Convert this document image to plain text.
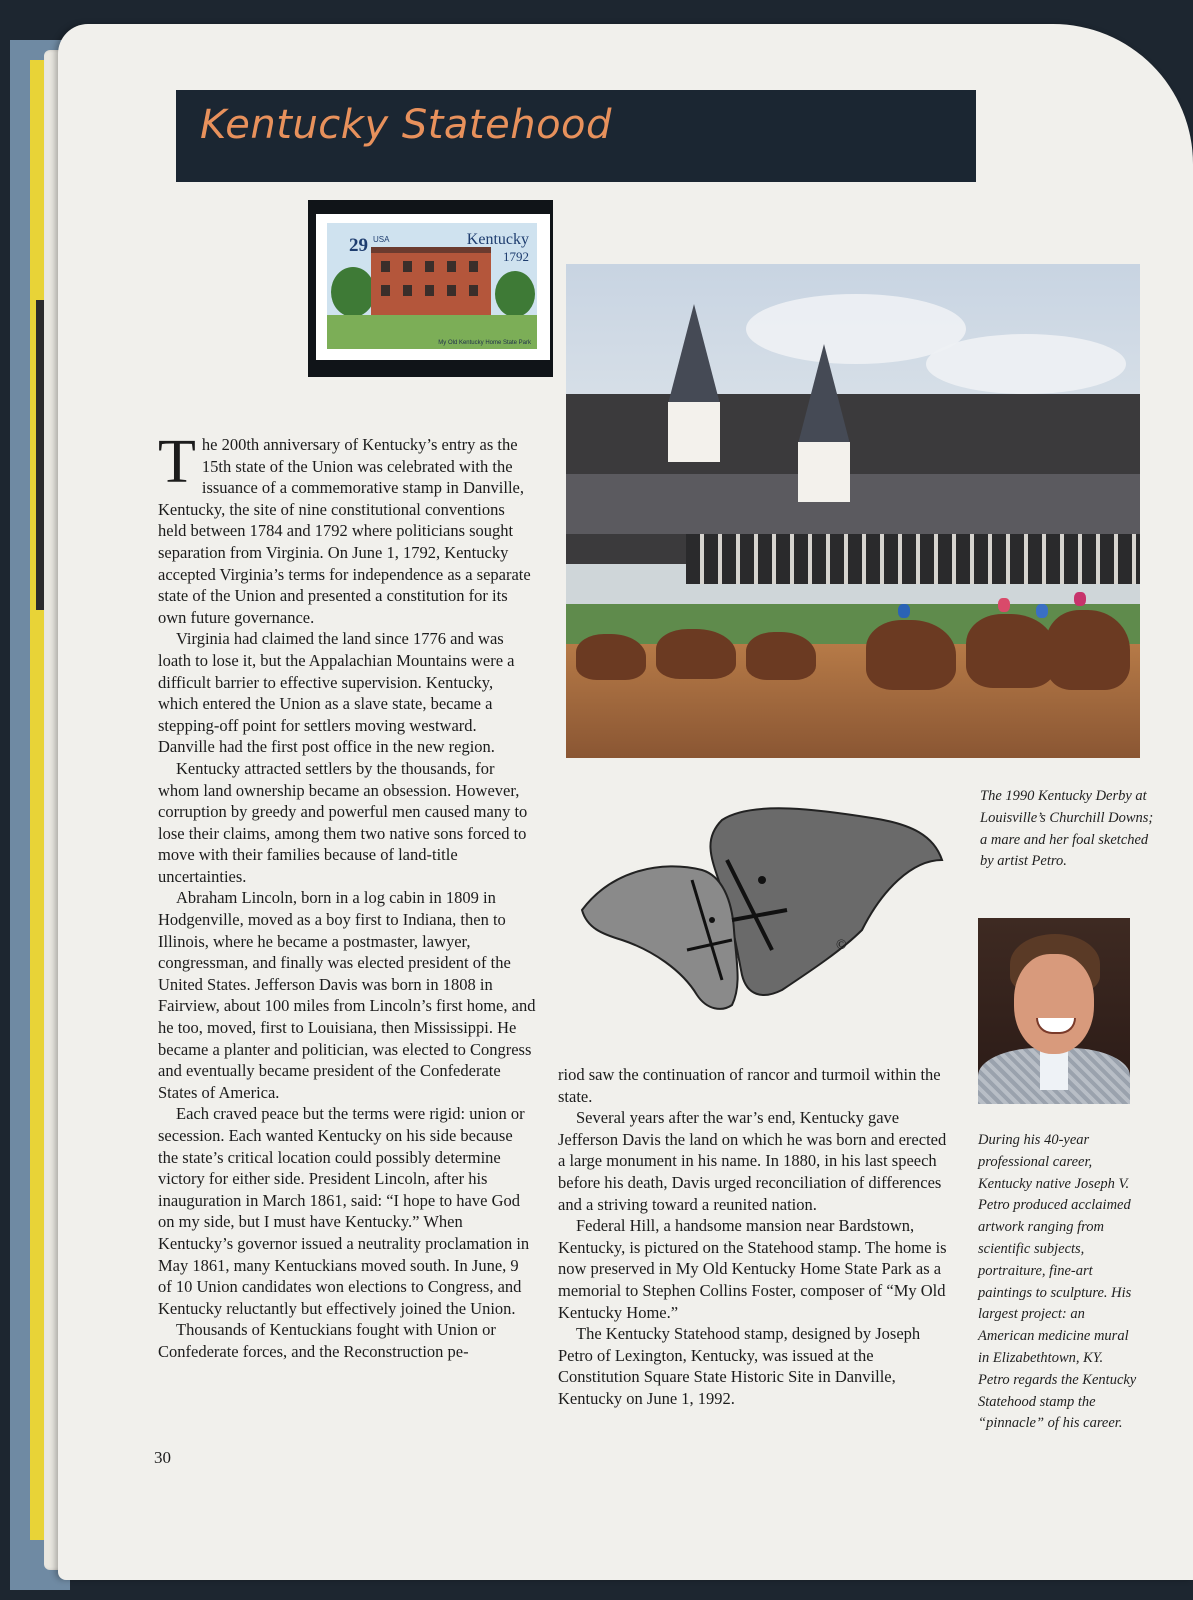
Kentucky Statehood
29 USA	Kentucky
1792
My Old Kentucky Home State Park

The 200th anniversary of Kentucky’s entry as the 15th state of the Union was celebrated with the issuance of a commemorative stamp in Danville, Kentucky, the site of nine constitutional conventions held between 1784 and 1792 where politicians sought separation from Virginia. On June 1, 1792, Kentucky accepted Virginia’s terms for independence as a separate state of the Union and presented a constitution for its own future governance.

Virginia had claimed the land since 1776 and was loath to lose it, but the Appalachian Mountains were a difficult barrier to effective supervision. Kentucky, which entered the Union as a slave state, became a stepping-off point for settlers moving westward. Danville had the first post office in the new region.

Kentucky attracted settlers by the thousands, for whom land ownership became an obsession. However, corruption by greedy and powerful men caused many to lose their claims, among them two native sons forced to move with their families because of land-title uncertainties.

Abraham Lincoln, born in a log cabin in 1809 in Hodgenville, moved as a boy first to Indiana, then to Illinois, where he became a postmaster, lawyer, congressman, and finally was elected president of the United States. Jefferson Davis was born in 1808 in Fairview, about 100 miles from Lincoln’s first home, and he too, moved, first to Louisiana, then Mississippi. He became a planter and politician, was elected to Congress and eventually became president of the Confederate States of America.

Each craved peace but the terms were rigid: union or secession. Each wanted Kentucky on his side because the state’s critical location could possibly determine victory for either side. President Lincoln, after his inauguration in March 1861, said: “I hope to have God on my side, but I must have Kentucky.” When Kentucky’s governor issued a neutrality proclamation in May 1861, many Kentuckians moved south. In June, 9 of 10 Union candidates won elections to Congress, and Kentucky reluctantly but effectively joined the Union.

Thousands of Kentuckians fought with Union or Confederate forces, and the Reconstruction pe-

©
The 1990 Kentucky Derby at Louisville’s Churchill Downs; a mare and her foal sketched by artist Petro.
During his 40-year professional career, Kentucky native Joseph V. Petro produced acclaimed artwork ranging from scientific subjects, portraiture, fine-art paintings to sculpture. His largest project: an American medicine mural in Elizabethtown, KY. Petro regards the Kentucky Statehood stamp the “pinnacle” of his career.

riod saw the continuation of rancor and turmoil within the state.

Several years after the war’s end, Kentucky gave Jefferson Davis the land on which he was born and erected a large monument in his name. In 1880, in his last speech before his death, Davis urged reconciliation of differences and a striving toward a reunited nation.

Federal Hill, a handsome mansion near Bardstown, Kentucky, is pictured on the Statehood stamp. The home is now preserved in My Old Kentucky Home State Park as a memorial to Stephen Collins Foster, composer of “My Old Kentucky Home.”

The Kentucky Statehood stamp, designed by Joseph Petro of Lexington, Kentucky, was issued at the Constitution Square State Historic Site in Danville, Kentucky on June 1, 1992.

30
